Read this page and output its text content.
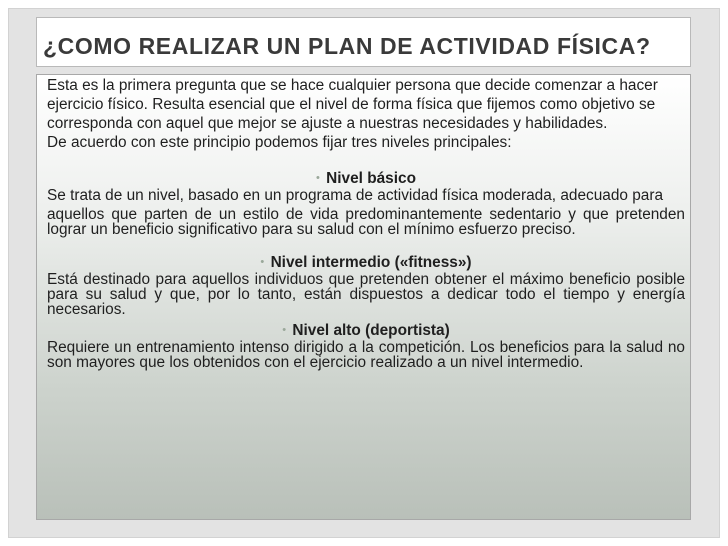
¿COMO REALIZAR UN PLAN DE ACTIVIDAD FÍSICA?

Esta es la primera pregunta que se hace cualquier persona que decide comenzar a hacer

ejercicio físico. Resulta esencial que el nivel de forma física que fijemos como objetivo se

corresponda con aquel que mejor se ajuste a nuestras necesidades y habilidades.

De acuerdo con este principio podemos fijar tres niveles principales:

• Nivel básico

Se trata de un nivel, basado en un programa de actividad física moderada, adecuado para

aquellos que parten de un estilo de vida predominantemente sedentario y que pretenden lograr un beneficio significativo para su salud con el mínimo esfuerzo preciso.

• Nivel intermedio («fitness»)

Está destinado para aquellos individuos que pretenden obtener el máximo beneficio posible para su salud y que, por lo tanto, están dispuestos a dedicar todo el tiempo y energía necesarios.

• Nivel alto (deportista)

Requiere un entrenamiento intenso dirigido a la competición. Los beneficios para la salud no son mayores que los obtenidos con el ejercicio realizado a un nivel intermedio.
